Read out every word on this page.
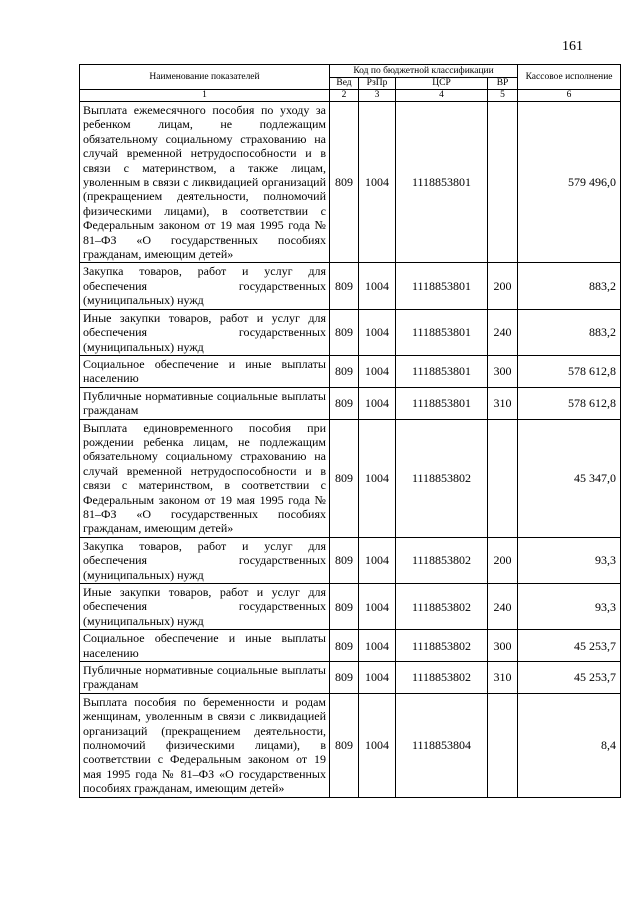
161
Наименование показателей	Код по бюджетной классификации				Кассовое исполнение
	Вед	РзПр	ЦСР	ВР	
1	2	3	4	5	6
Выплата ежемесячного пособия по уходу за ребенком лицам, не подлежащим обязательному социальному страхованию на случай временной нетрудоспособности и в связи с материнством, а также лицам, уволенным в связи с ликвидацией организаций (прекращением деятельности, полномочий физическими лицами), в соответствии с Федеральным законом от 19 мая 1995 года № 81–ФЗ «О государственных пособиях гражданам, имеющим детей»	809	1004	1118853801		579 496,0
Закупка товаров, работ и услуг для обеспечения государственных (муниципальных) нужд	809	1004	1118853801	200	883,2
Иные закупки товаров, работ и услуг для обеспечения государственных (муниципальных) нужд	809	1004	1118853801	240	883,2
Социальное обеспечение и иные выплаты населению	809	1004	1118853801	300	578 612,8
Публичные нормативные социальные выплаты гражданам	809	1004	1118853801	310	578 612,8
Выплата единовременного пособия при рождении ребенка лицам, не подлежащим обязательному социальному страхованию на случай временной нетрудоспособности и в связи с материнством, в соответствии с Федеральным законом от 19 мая 1995 года № 81–ФЗ «О государственных пособиях гражданам, имеющим детей»	809	1004	1118853802		45 347,0
Закупка товаров, работ и услуг для обеспечения государственных (муниципальных) нужд	809	1004	1118853802	200	93,3
Иные закупки товаров, работ и услуг для обеспечения государственных (муниципальных) нужд	809	1004	1118853802	240	93,3
Социальное обеспечение и иные выплаты населению	809	1004	1118853802	300	45 253,7
Публичные нормативные социальные выплаты гражданам	809	1004	1118853802	310	45 253,7
Выплата пособия по беременности и родам женщинам, уволенным в связи с ликвидацией организаций (прекращением деятельности, полномочий физическими лицами), в соответствии с Федеральным законом от 19 мая 1995 года № 81–ФЗ «О государственных пособиях гражданам, имеющим детей»	809	1004	1118853804		8,4
